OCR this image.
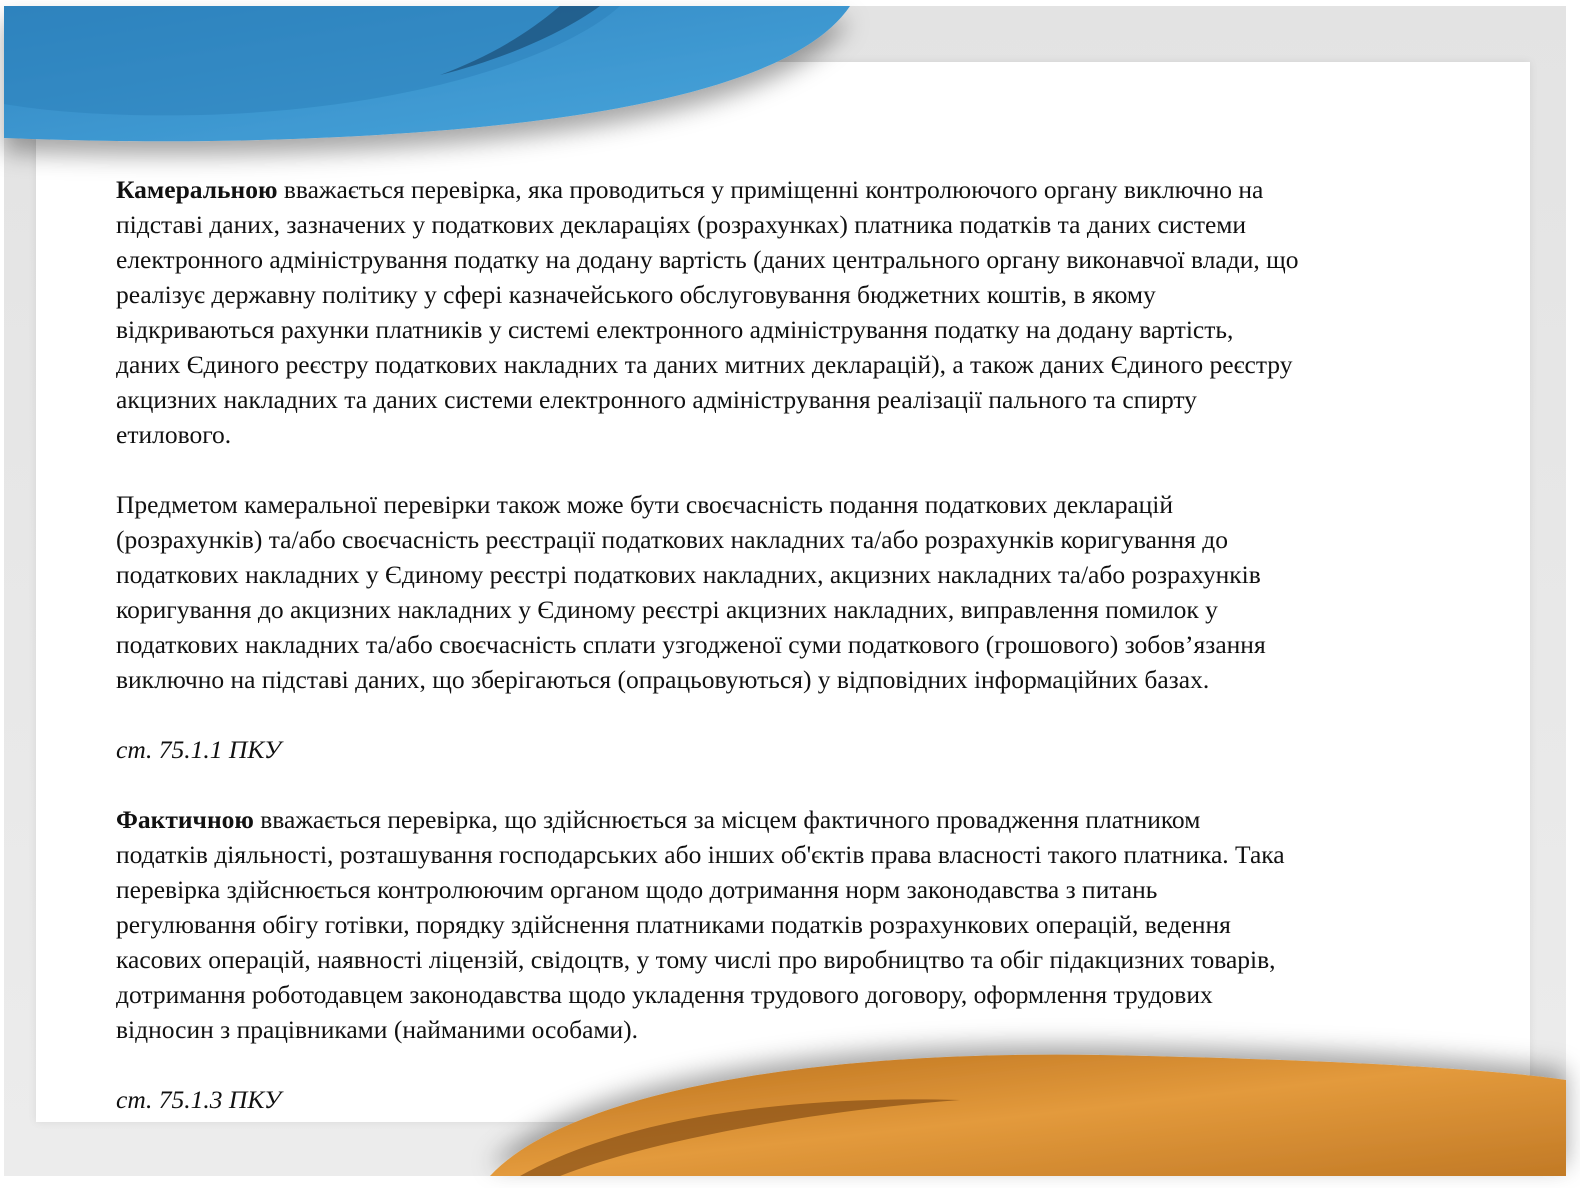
Камеральною вважається перевірка, яка проводиться у приміщенні контролюючого органу виключно на
підставі даних, зазначених у податкових деклараціях (розрахунках) платника податків та даних системи
електронного адміністрування податку на додану вартість (даних центрального органу виконавчої влади, що
реалізує державну політику у сфері казначейського обслуговування бюджетних коштів, в якому
відкриваються рахунки платників у системі електронного адміністрування податку на додану вартість,
даних Єдиного реєстру податкових накладних та даних митних декларацій), а також даних Єдиного реєстру
акцизних накладних та даних системи електронного адміністрування реалізації пального та спирту
етилового.
Предметом камеральної перевірки також може бути своєчасність подання податкових декларацій
(розрахунків) та/або своєчасність реєстрації податкових накладних та/або розрахунків коригування до
податкових накладних у Єдиному реєстрі податкових накладних, акцизних накладних та/або розрахунків
коригування до акцизних накладних у Єдиному реєстрі акцизних накладних, виправлення помилок у
податкових накладних та/або своєчасність сплати узгодженої суми податкового (грошового) зобов’язання
виключно на підставі даних, що зберігаються (опрацьовуються) у відповідних інформаційних базах.
ст. 75.1.1 ПКУ
Фактичною вважається перевірка, що здійснюється за місцем фактичного провадження платником
податків діяльності, розташування господарських або інших об'єктів права власності такого платника. Така
перевірка здійснюється контролюючим органом щодо дотримання норм законодавства з питань
регулювання обігу готівки, порядку здійснення платниками податків розрахункових операцій, ведення
касових операцій, наявності ліцензій, свідоцтв, у тому числі про виробництво та обіг підакцизних товарів,
дотримання роботодавцем законодавства щодо укладення трудового договору, оформлення трудових
відносин з працівниками (найманими особами).
ст. 75.1.3 ПКУ
